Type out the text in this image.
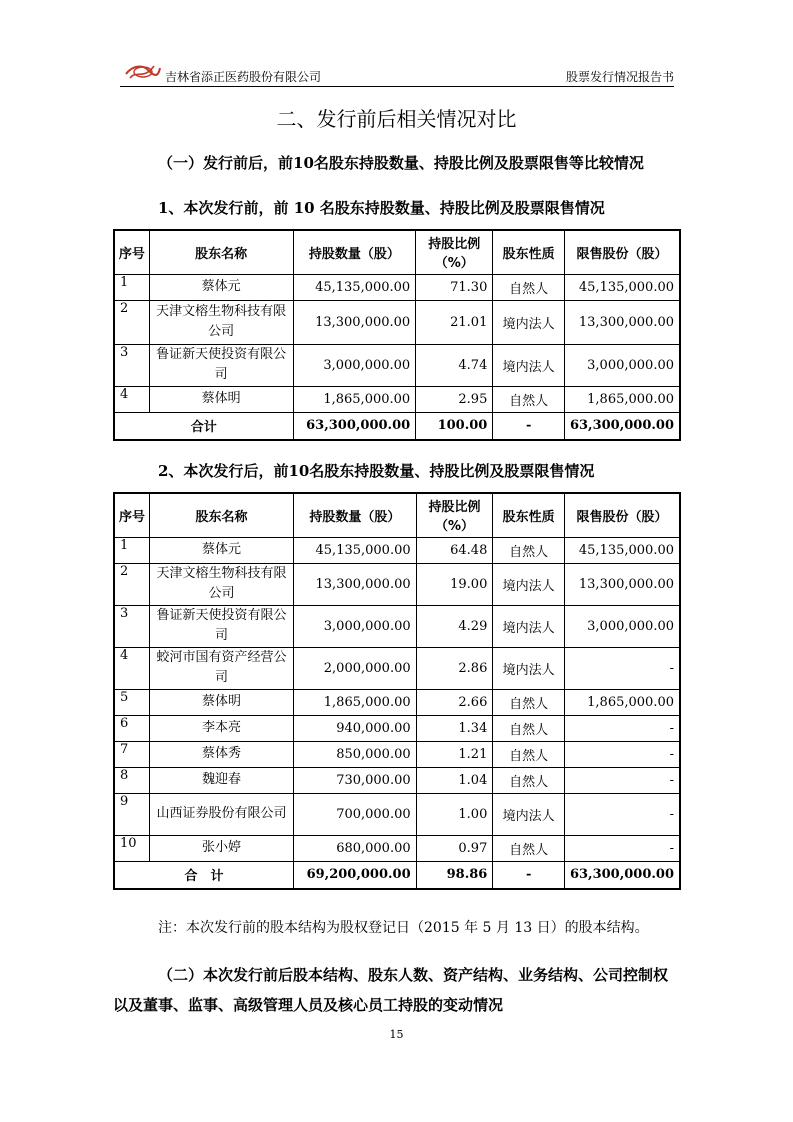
吉林省添正医药股份有限公司	股票发行情况报告书
二、发行前后相关情况对比
（一）发行前后，前10名股东持股数量、持股比例及股票限售等比较情况
1、本次发行前，前 10 名股东持股数量、持股比例及股票限售情况
序号	股东名称	持股数量（股）	持股比例（%）	股东性质	限售股份（股）
1	蔡体元	45,135,000.00	71.30	自然人	45,135,000.00
2	天津文榕生物科技有限公司	13,300,000.00	21.01	境内法人	13,300,000.00
3	鲁证新天使投资有限公司	3,000,000.00	4.74	境内法人	3,000,000.00
4	蔡体明	1,865,000.00	2.95	自然人	1,865,000.00
合计		63,300,000.00	100.00	-	63,300,000.00
2、本次发行后，前10名股东持股数量、持股比例及股票限售情况
序号	股东名称	持股数量（股）	持股比例（%）	股东性质	限售股份（股）
1	蔡体元	45,135,000.00	64.48	自然人	45,135,000.00
2	天津文榕生物科技有限公司	13,300,000.00	19.00	境内法人	13,300,000.00
3	鲁证新天使投资有限公司	3,000,000.00	4.29	境内法人	3,000,000.00
4	蛟河市国有资产经营公司	2,000,000.00	2.86	境内法人	-
5	蔡体明	1,865,000.00	2.66	自然人	1,865,000.00
6	李本亮	940,000.00	1.34	自然人	-
7	蔡体秀	850,000.00	1.21	自然人	-
8	魏迎春	730,000.00	1.04	自然人	-
9	山西证券股份有限公司	700,000.00	1.00	境内法人	-
10	张小婷	680,000.00	0.97	自然人	-
合　计		69,200,000.00	98.86	-	63,300,000.00
注：本次发行前的股本结构为股权登记日（2015 年 5 月 13 日）的股本结构。
（二）本次发行前后股本结构、股东人数、资产结构、业务结构、公司控制权以及董事、监事、高级管理人员及核心员工持股的变动情况
15
